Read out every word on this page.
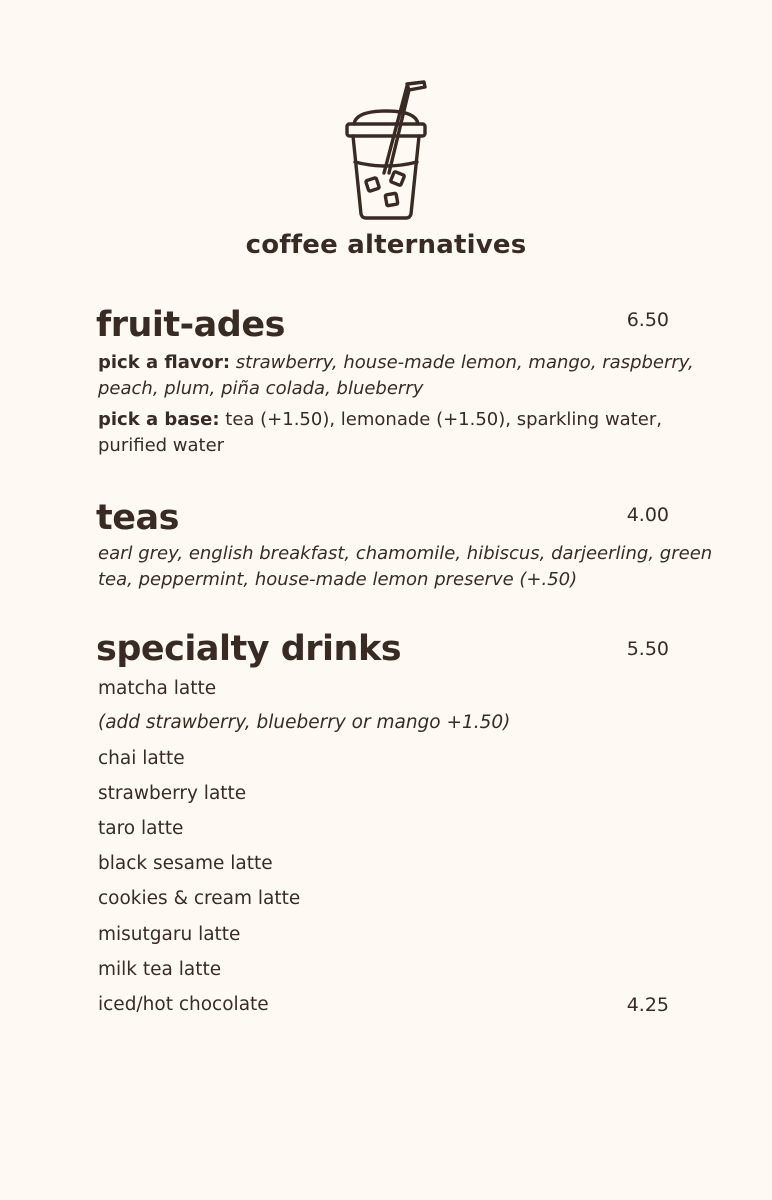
coffee alternatives
fruit-ades	6.50
pick a flavor: strawberry, house-made lemon, mango, raspberry, peach, plum, piña colada, blueberry
pick a base: tea (+1.50), lemonade (+1.50), sparkling water, purified water
teas	4.00
earl grey, english breakfast, chamomile, hibiscus, darjeerling, green tea, peppermint, house-made lemon preserve (+.50)
specialty drinks	5.50
matcha latte
(add strawberry, blueberry or mango +1.50)
chai latte
strawberry latte
taro latte
black sesame latte
cookies & cream latte
misutgaru latte
milk tea latte
iced/hot chocolate	4.25
